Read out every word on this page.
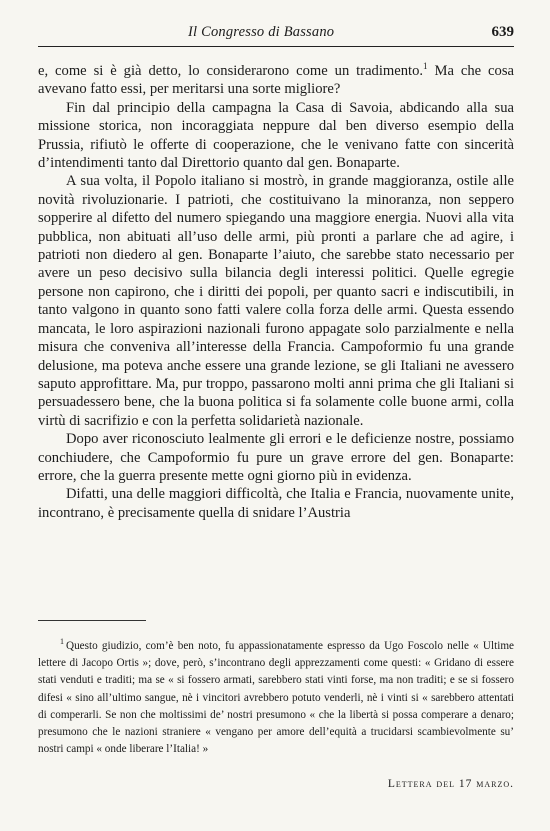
Il Congresso di Bassano	639

e, come si è già detto, lo considerarono come un tradimento.$^1$ Ma che cosa avevano fatto essi, per meritarsi una sorte migliore?

Fin dal principio della campagna la Casa di Savoia, abdicando alla sua missione storica, non incoraggiata neppure dal ben diverso esempio della Prussia, rifiutò le offerte di cooperazione, che le venivano fatte con sincerità d’intendimenti tanto dal Direttorio quanto dal gen. Bonaparte.

A sua volta, il Popolo italiano si mostrò, in grande maggioranza, ostile alle novità rivoluzionarie. I patrioti, che costituivano la minoranza, non seppero sopperire al difetto del numero spiegando una maggiore energia. Nuovi alla vita pubblica, non abituati all’uso delle armi, più pronti a parlare che ad agire, i patrioti non diedero al gen. Bonaparte l’aiuto, che sarebbe stato necessario per avere un peso decisivo sulla bilancia degli interessi politici. Quelle egregie persone non capirono, che i diritti dei popoli, per quanto sacri e indiscutibili, in tanto valgono in quanto sono fatti valere colla forza delle armi. Questa essendo mancata, le loro aspirazioni nazionali furono appagate solo parzialmente e nella misura che conveniva all’interesse della Francia. Campoformio fu una grande delusione, ma poteva anche essere una grande lezione, se gli Italiani ne avessero saputo approfittare. Ma, pur troppo, passarono molti anni prima che gli Italiani si persuadessero bene, che la buona politica si fa solamente colle buone armi, colla virtù di sacrifizio e con la perfetta solidarietà nazionale.

Dopo aver riconosciuto lealmente gli errori e le deficienze nostre, possiamo conchiudere, che Campoformio fu pure un grave errore del gen. Bonaparte: errore, che la guerra presente mette ogni giorno più in evidenza.

Difatti, una delle maggiori difficoltà, che Italia e Francia, nuovamente unite, incontrano, è precisamente quella di snidare l’Austria

$^1$ Questo giudizio, com’è ben noto, fu appassionatamente espresso da Ugo Foscolo nelle « Ultime lettere di Jacopo Ortis »; dove, però, s’incontrano degli apprezzamenti come questi: « Gridano di essere stati venduti e traditi; ma se « si fossero armati, sarebbero stati vinti forse, ma non traditi; e se si fossero difesi « sino all’ultimo sangue, nè i vincitori avrebbero potuto venderli, nè i vinti si « sarebbero attentati di comperarli. Se non che moltissimi de’ nostri presumono « che la libertà si possa comperare a denaro; presumono che le nazioni straniere « vengano per amore dell’equità a trucidarsi scambievolmente su’ nostri campi « onde liberare l’Italia! »

Lettera del 17 marzo.
